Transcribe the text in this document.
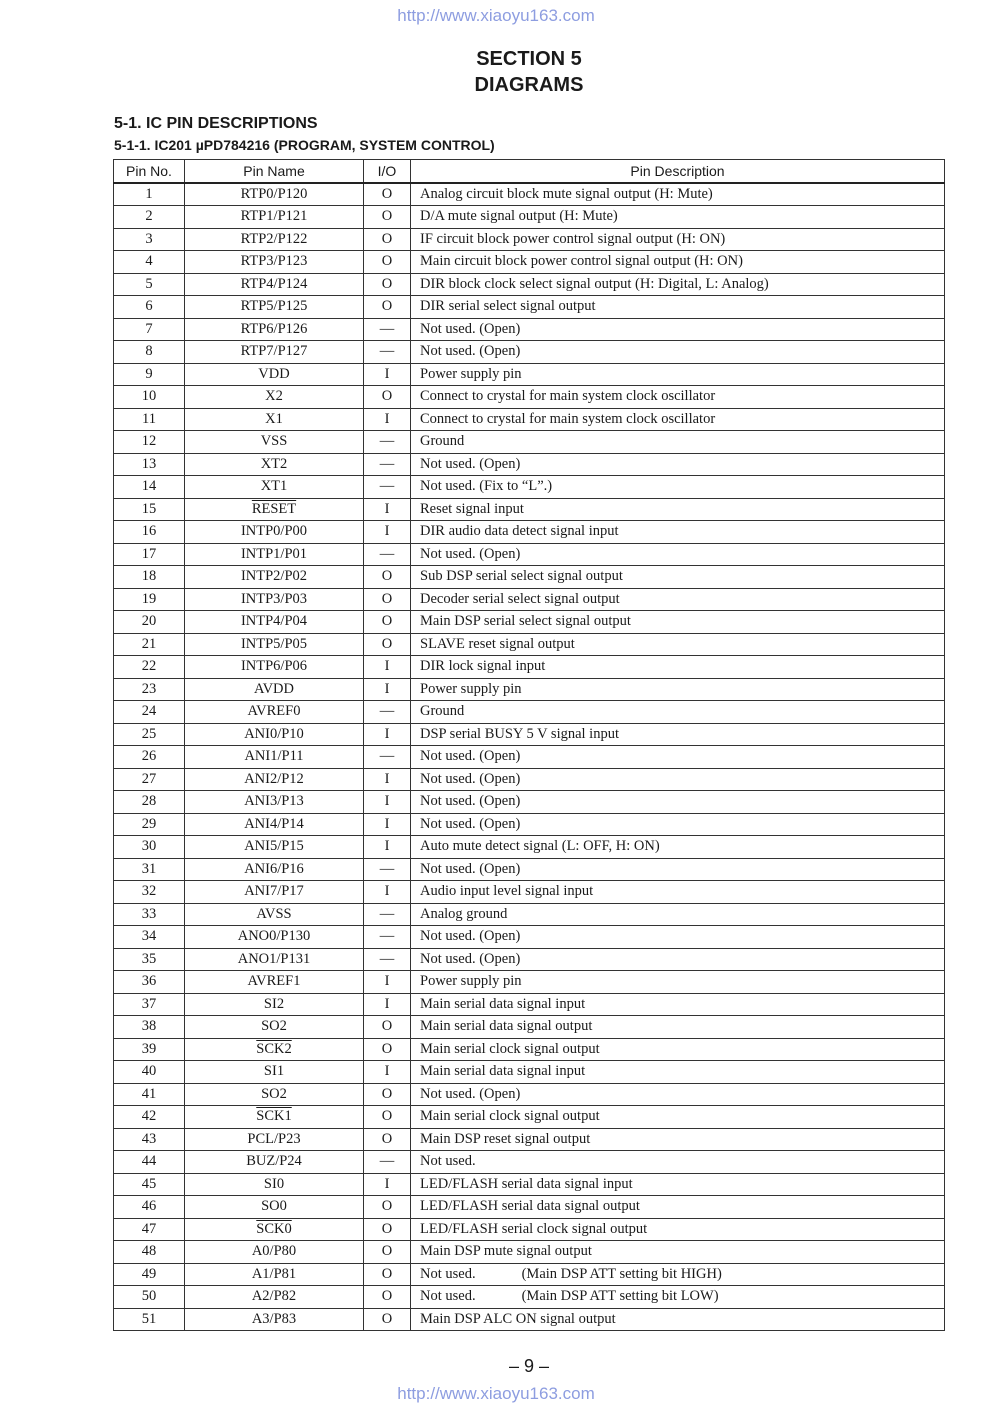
http://www.xiaoyu163.com
SECTION 5
DIAGRAMS
5-1. IC PIN DESCRIPTIONS
5-1-1. IC201 µPD784216 (PROGRAM, SYSTEM CONTROL)
Pin No.	Pin Name	I/O	Pin Description
1	RTP0/P120	O	Analog circuit block mute signal output (H: Mute)
2	RTP1/P121	O	D/A mute signal output (H: Mute)
3	RTP2/P122	O	IF circuit block power control signal output (H: ON)
4	RTP3/P123	O	Main circuit block power control signal output (H: ON)
5	RTP4/P124	O	DIR block clock select signal output (H: Digital, L: Analog)
6	RTP5/P125	O	DIR serial select signal output
7	RTP6/P126	—	Not used. (Open)
8	RTP7/P127	—	Not used. (Open)
9	VDD	I	Power supply pin
10	X2	O	Connect to crystal for main system clock oscillator
11	X1	I	Connect to crystal for main system clock oscillator
12	VSS	—	Ground
13	XT2	—	Not used. (Open)
14	XT1	—	Not used. (Fix to “L”.)
15	RESET	I	Reset signal input
16	INTP0/P00	I	DIR audio data detect signal input
17	INTP1/P01	—	Not used. (Open)
18	INTP2/P02	O	Sub DSP serial select signal output
19	INTP3/P03	O	Decoder serial select signal output
20	INTP4/P04	O	Main DSP serial select signal output
21	INTP5/P05	O	SLAVE reset signal output
22	INTP6/P06	I	DIR lock signal input
23	AVDD	I	Power supply pin
24	AVREF0	—	Ground
25	ANI0/P10	I	DSP serial BUSY 5 V signal input
26	ANI1/P11	—	Not used. (Open)
27	ANI2/P12	I	Not used. (Open)
28	ANI3/P13	I	Not used. (Open)
29	ANI4/P14	I	Not used. (Open)
30	ANI5/P15	I	Auto mute detect signal (L: OFF, H: ON)
31	ANI6/P16	—	Not used. (Open)
32	ANI7/P17	I	Audio input level signal input
33	AVSS	—	Analog ground
34	ANO0/P130	—	Not used. (Open)
35	ANO1/P131	—	Not used. (Open)
36	AVREF1	I	Power supply pin
37	SI2	I	Main serial data signal input
38	SO2	O	Main serial data signal output
39	SCK2	O	Main serial clock signal output
40	SI1	I	Main serial data signal input
41	SO2	O	Not used. (Open)
42	SCK1	O	Main serial clock signal output
43	PCL/P23	O	Main DSP reset signal output
44	BUZ/P24	—	Not used.
45	SI0	I	LED/FLASH serial data signal input
46	SO0	O	LED/FLASH serial data signal output
47	SCK0	O	LED/FLASH serial clock signal output
48	A0/P80	O	Main DSP mute signal output
49	A1/P81	O	Not used. (Main DSP ATT setting bit HIGH)
50	A2/P82	O	Not used. (Main DSP ATT setting bit LOW)
51	A3/P83	O	Main DSP ALC ON signal output
– 9 –
http://www.xiaoyu163.com
